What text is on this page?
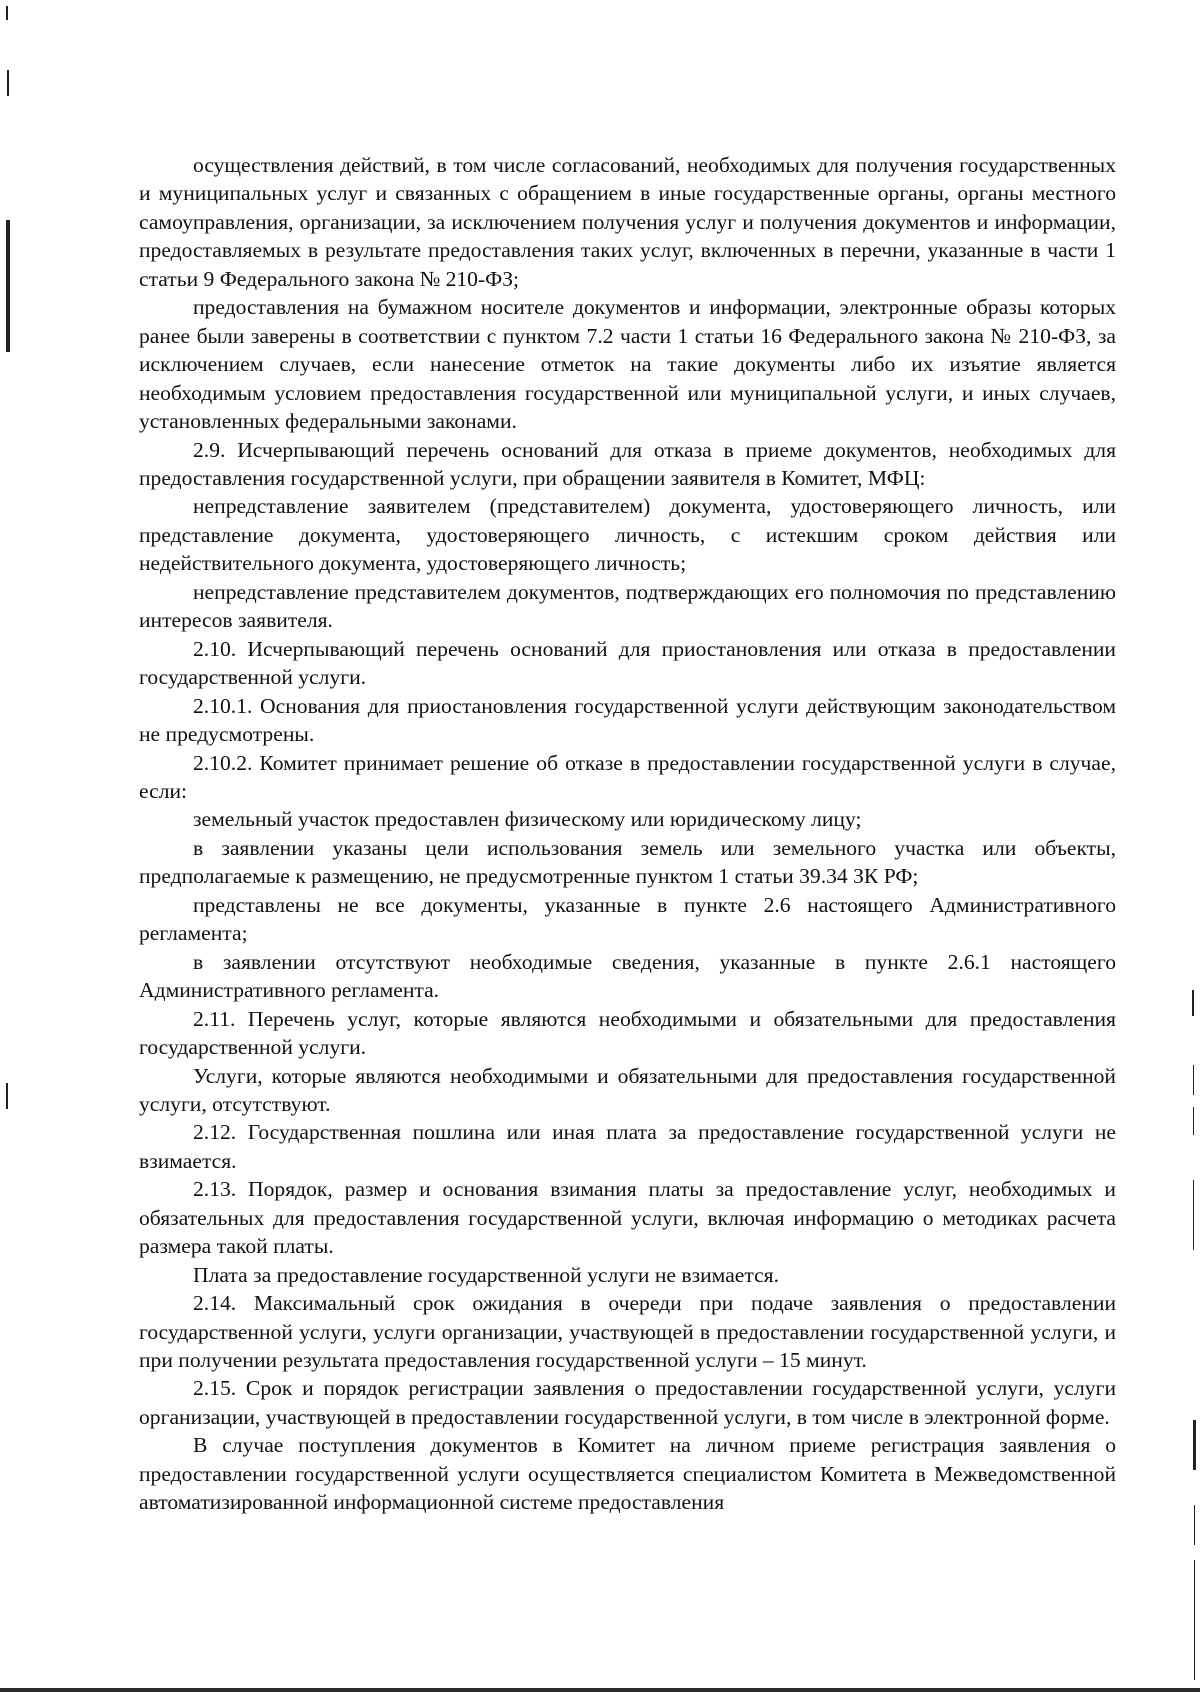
осуществления действий, в том числе согласований, необходимых для получения государственных и муниципальных услуг и связанных с обращением в иные государственные органы, органы местного самоуправления, организации, за исключением получения услуг и получения документов и информации, предоставляемых в результате предоставления таких услуг, включенных в перечни, указанные в части 1 статьи 9 Федерального закона № 210-ФЗ;

предоставления на бумажном носителе документов и информации, электронные образы которых ранее были заверены в соответствии с пунктом 7.2 части 1 статьи 16 Федерального закона № 210-ФЗ, за исключением случаев, если нанесение отметок на такие документы либо их изъятие является необходимым условием предоставления государственной или муниципальной услуги, и иных случаев, установленных федеральными законами.

2.9. Исчерпывающий перечень оснований для отказа в приеме документов, необходимых для предоставления государственной услуги, при обращении заявителя в Комитет, МФЦ:

непредставление заявителем (представителем) документа, удостоверяющего личность, или представление документа, удостоверяющего личность, с истекшим сроком действия или недействительного документа, удостоверяющего личность;

непредставление представителем документов, подтверждающих его полномочия по представлению интересов заявителя.

2.10. Исчерпывающий перечень оснований для приостановления или отказа в предоставлении государственной услуги.

2.10.1. Основания для приостановления государственной услуги действующим законодательством не предусмотрены.

2.10.2. Комитет принимает решение об отказе в предоставлении государственной услуги в случае, если:

земельный участок предоставлен физическому или юридическому лицу;

в заявлении указаны цели использования земель или земельного участка или объекты, предполагаемые к размещению, не предусмотренные пунктом 1 статьи 39.34 ЗК РФ;

представлены не все документы, указанные в пункте 2.6 настоящего Административного регламента;

в заявлении отсутствуют необходимые сведения, указанные в пункте 2.6.1 настоящего Административного регламента.

2.11. Перечень услуг, которые являются необходимыми и обязательными для предоставления государственной услуги.

Услуги, которые являются необходимыми и обязательными для предоставления государственной услуги, отсутствуют.

2.12. Государственная пошлина или иная плата за предоставление государственной услуги не взимается.

2.13. Порядок, размер и основания взимания платы за предоставление услуг, необходимых и обязательных для предоставления государственной услуги, включая информацию о методиках расчета размера такой платы.

Плата за предоставление государственной услуги не взимается.

2.14. Максимальный срок ожидания в очереди при подаче заявления о предоставлении государственной услуги, услуги организации, участвующей в предоставлении государственной услуги, и при получении результата предоставления государственной услуги – 15 минут.

2.15. Срок и порядок регистрации заявления о предоставлении государственной услуги, услуги организации, участвующей в предоставлении государственной услуги, в том числе в электронной форме.

В случае поступления документов в Комитет на личном приеме регистрация заявления о предоставлении государственной услуги осуществляется специалистом Комитета в Межведомственной автоматизированной информационной системе предоставления
